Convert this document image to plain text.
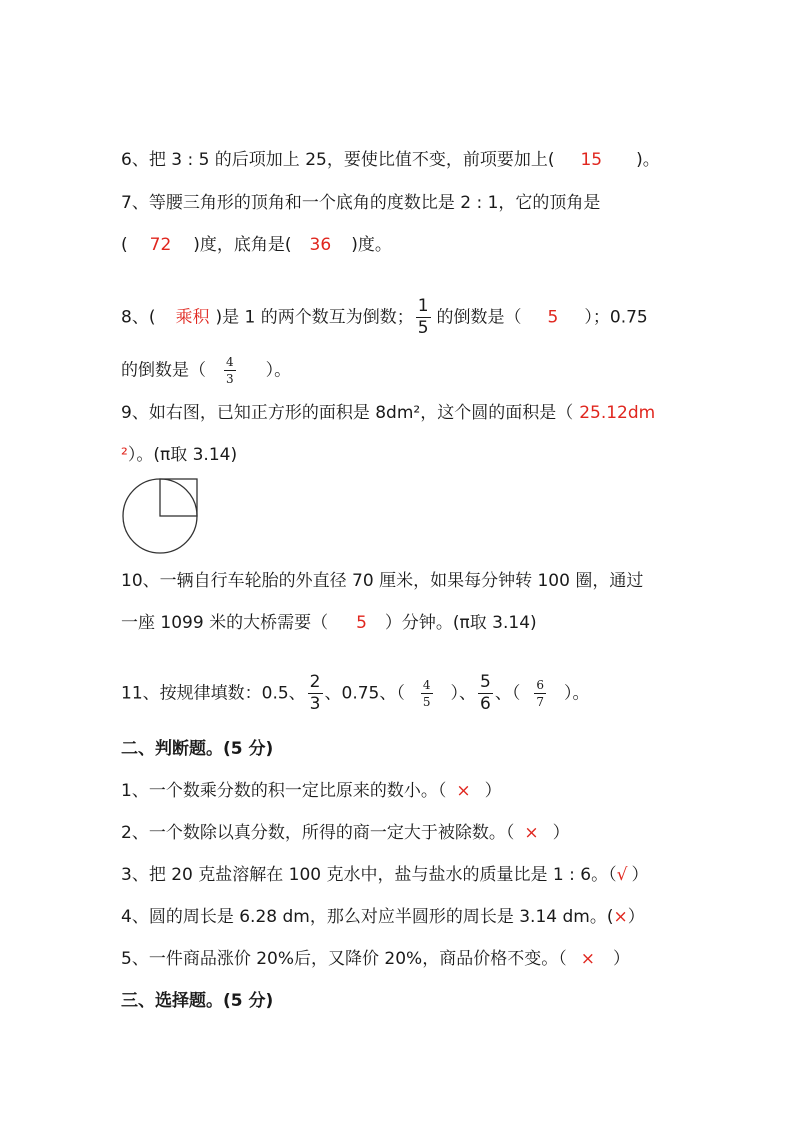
6、把 3 : 5 的后项加上 25，要使比值不变，前项要加上( 15 )。
7、等腰三角形的顶角和一个底角的度数比是 2 : 1，它的顶角是
( 72 )度，底角是( 36 )度。
8、( 乘积 )是 1 的两个数互为倒数； $\frac{1}{5}$ 的倒数是（ 5 ）；0.75
的倒数是（ $\frac{4}{3}$ ）。
9、如右图，已知正方形的面积是 8dm²，这个圆的面积是（ 25.12dm
²）。(π取 3.14)
10、一辆自行车轮胎的外直径 70 厘米，如果每分钟转 100 圈，通过
一座 1099 米的大桥需要（ 5 ）分钟。(π取 3.14)
11、按规律填数：0.5、 $\frac{2}{3}$ 、0.75、（ $\frac{4}{5}$ ）、 $\frac{5}{6}$ 、（ $\frac{6}{7}$ ）。
二、判断题。(5 分)
1、一个数乘分数的积一定比原来的数小。（ × ）
2、一个数除以真分数，所得的商一定大于被除数。（ × ）
3、把 20 克盐溶解在 100 克水中，盐与盐水的质量比是 1 : 6。（√ ）
4、圆的周长是 6.28 dm，那么对应半圆形的周长是 3.14 dm。(×）
5、一件商品涨价 20%后，又降价 20%，商品价格不变。（ × ）
三、选择题。(5 分)
